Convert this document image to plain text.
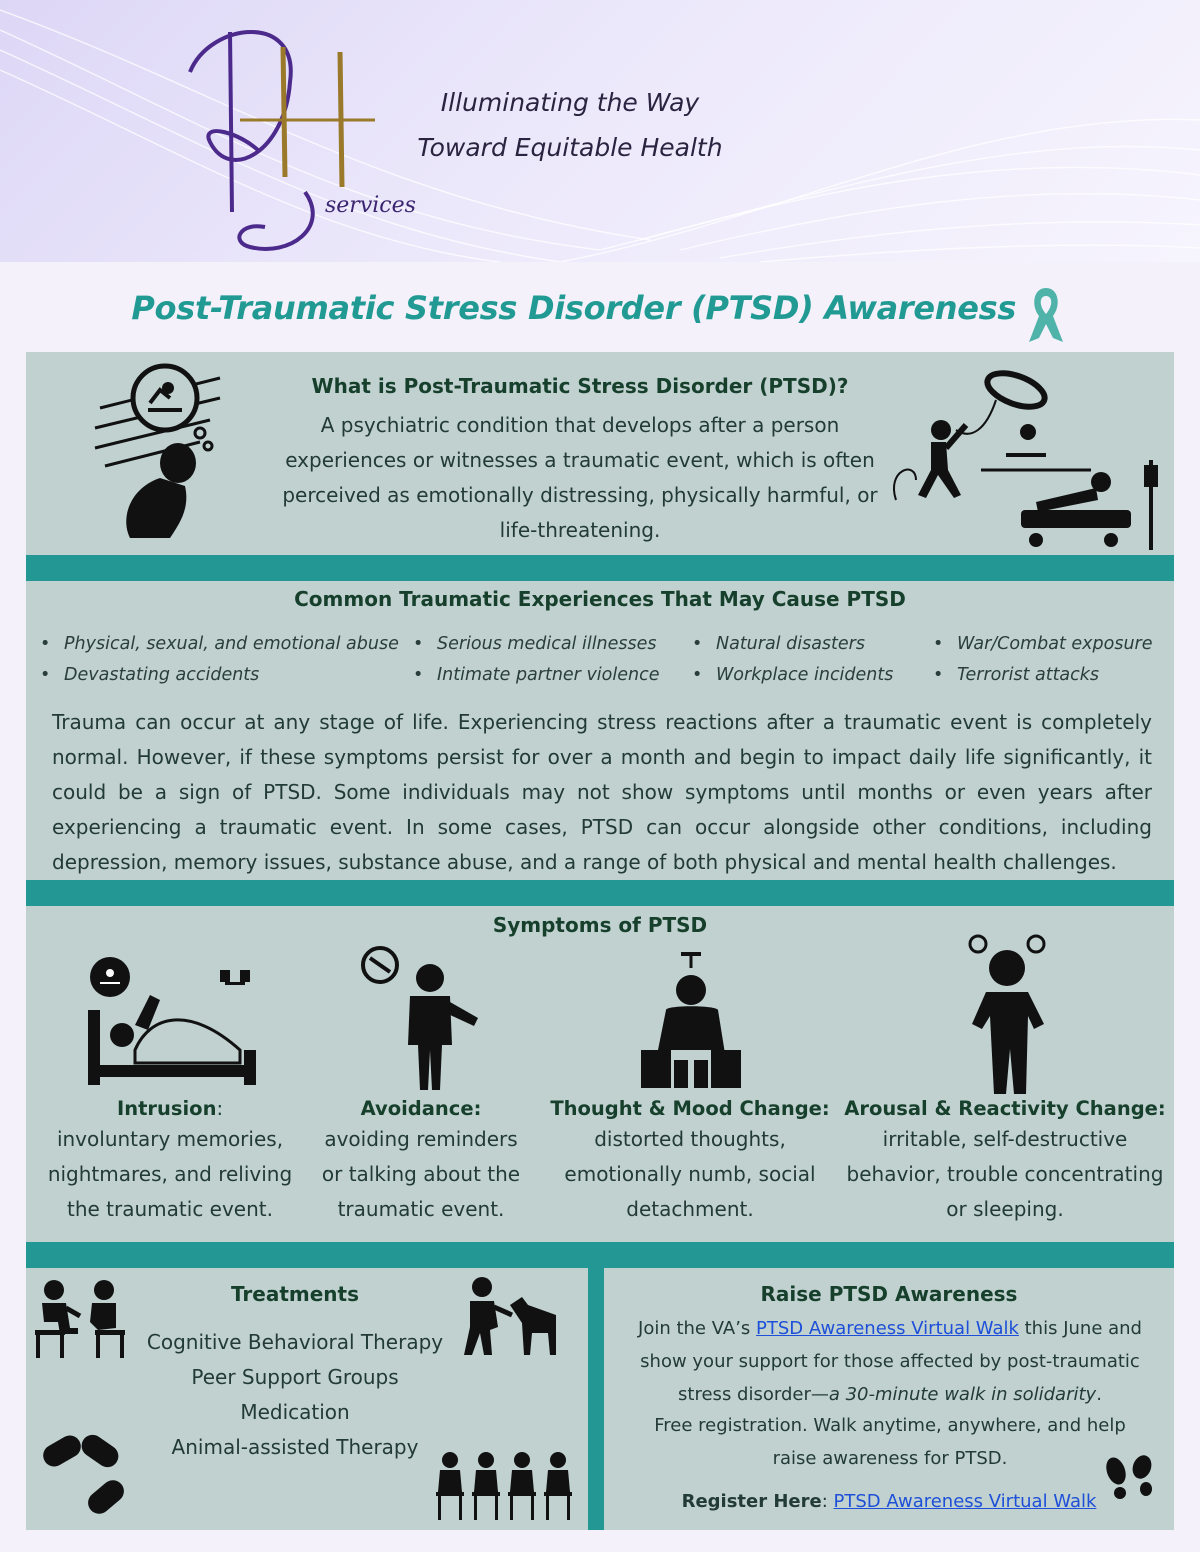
services
Illuminating the Way
Toward Equitable Health
Post-Traumatic Stress Disorder (PTSD) Awareness
What is Post-Traumatic Stress Disorder (PTSD)?
A psychiatric condition that develops after a person experiences or witnesses a traumatic event, which is often perceived as emotionally distressing, physically harmful, or life-threatening.
Common Traumatic Experiences That May Cause PTSD
• Physical, sexual, and emotional abuse
• Devastating accidents
• Serious medical illnesses
• Intimate partner violence
• Natural disasters
• Workplace incidents
• War/Combat exposure
• Terrorist attacks
Trauma can occur at any stage of life. Experiencing stress reactions after a traumatic event is completely normal. However, if these symptoms persist for over a month and begin to impact daily life significantly, it could be a sign of PTSD. Some individuals may not show symptoms until months or even years after experiencing a traumatic event. In some cases, PTSD can occur alongside other conditions, including depression, memory issues, substance abuse, and a range of both physical and mental health challenges.
Symptoms of PTSD
Intrusion:
involuntary memories, nightmares, and reliving the traumatic event.
Avoidance:
avoiding reminders or talking about the traumatic event.
Thought & Mood Change:
distorted thoughts, emotionally numb, social detachment.
Arousal & Reactivity Change:
irritable, self-destructive behavior, trouble concentrating or sleeping.
Treatments
Cognitive Behavioral Therapy
Peer Support Groups
Medication
Animal-assisted Therapy
Raise PTSD Awareness
Join the VA’s PTSD Awareness Virtual Walk this June and show your support for those affected by post-traumatic stress disorder—a 30-minute walk in solidarity.
Free registration. Walk anytime, anywhere, and help raise awareness for PTSD.
Register Here: PTSD Awareness Virtual Walk
